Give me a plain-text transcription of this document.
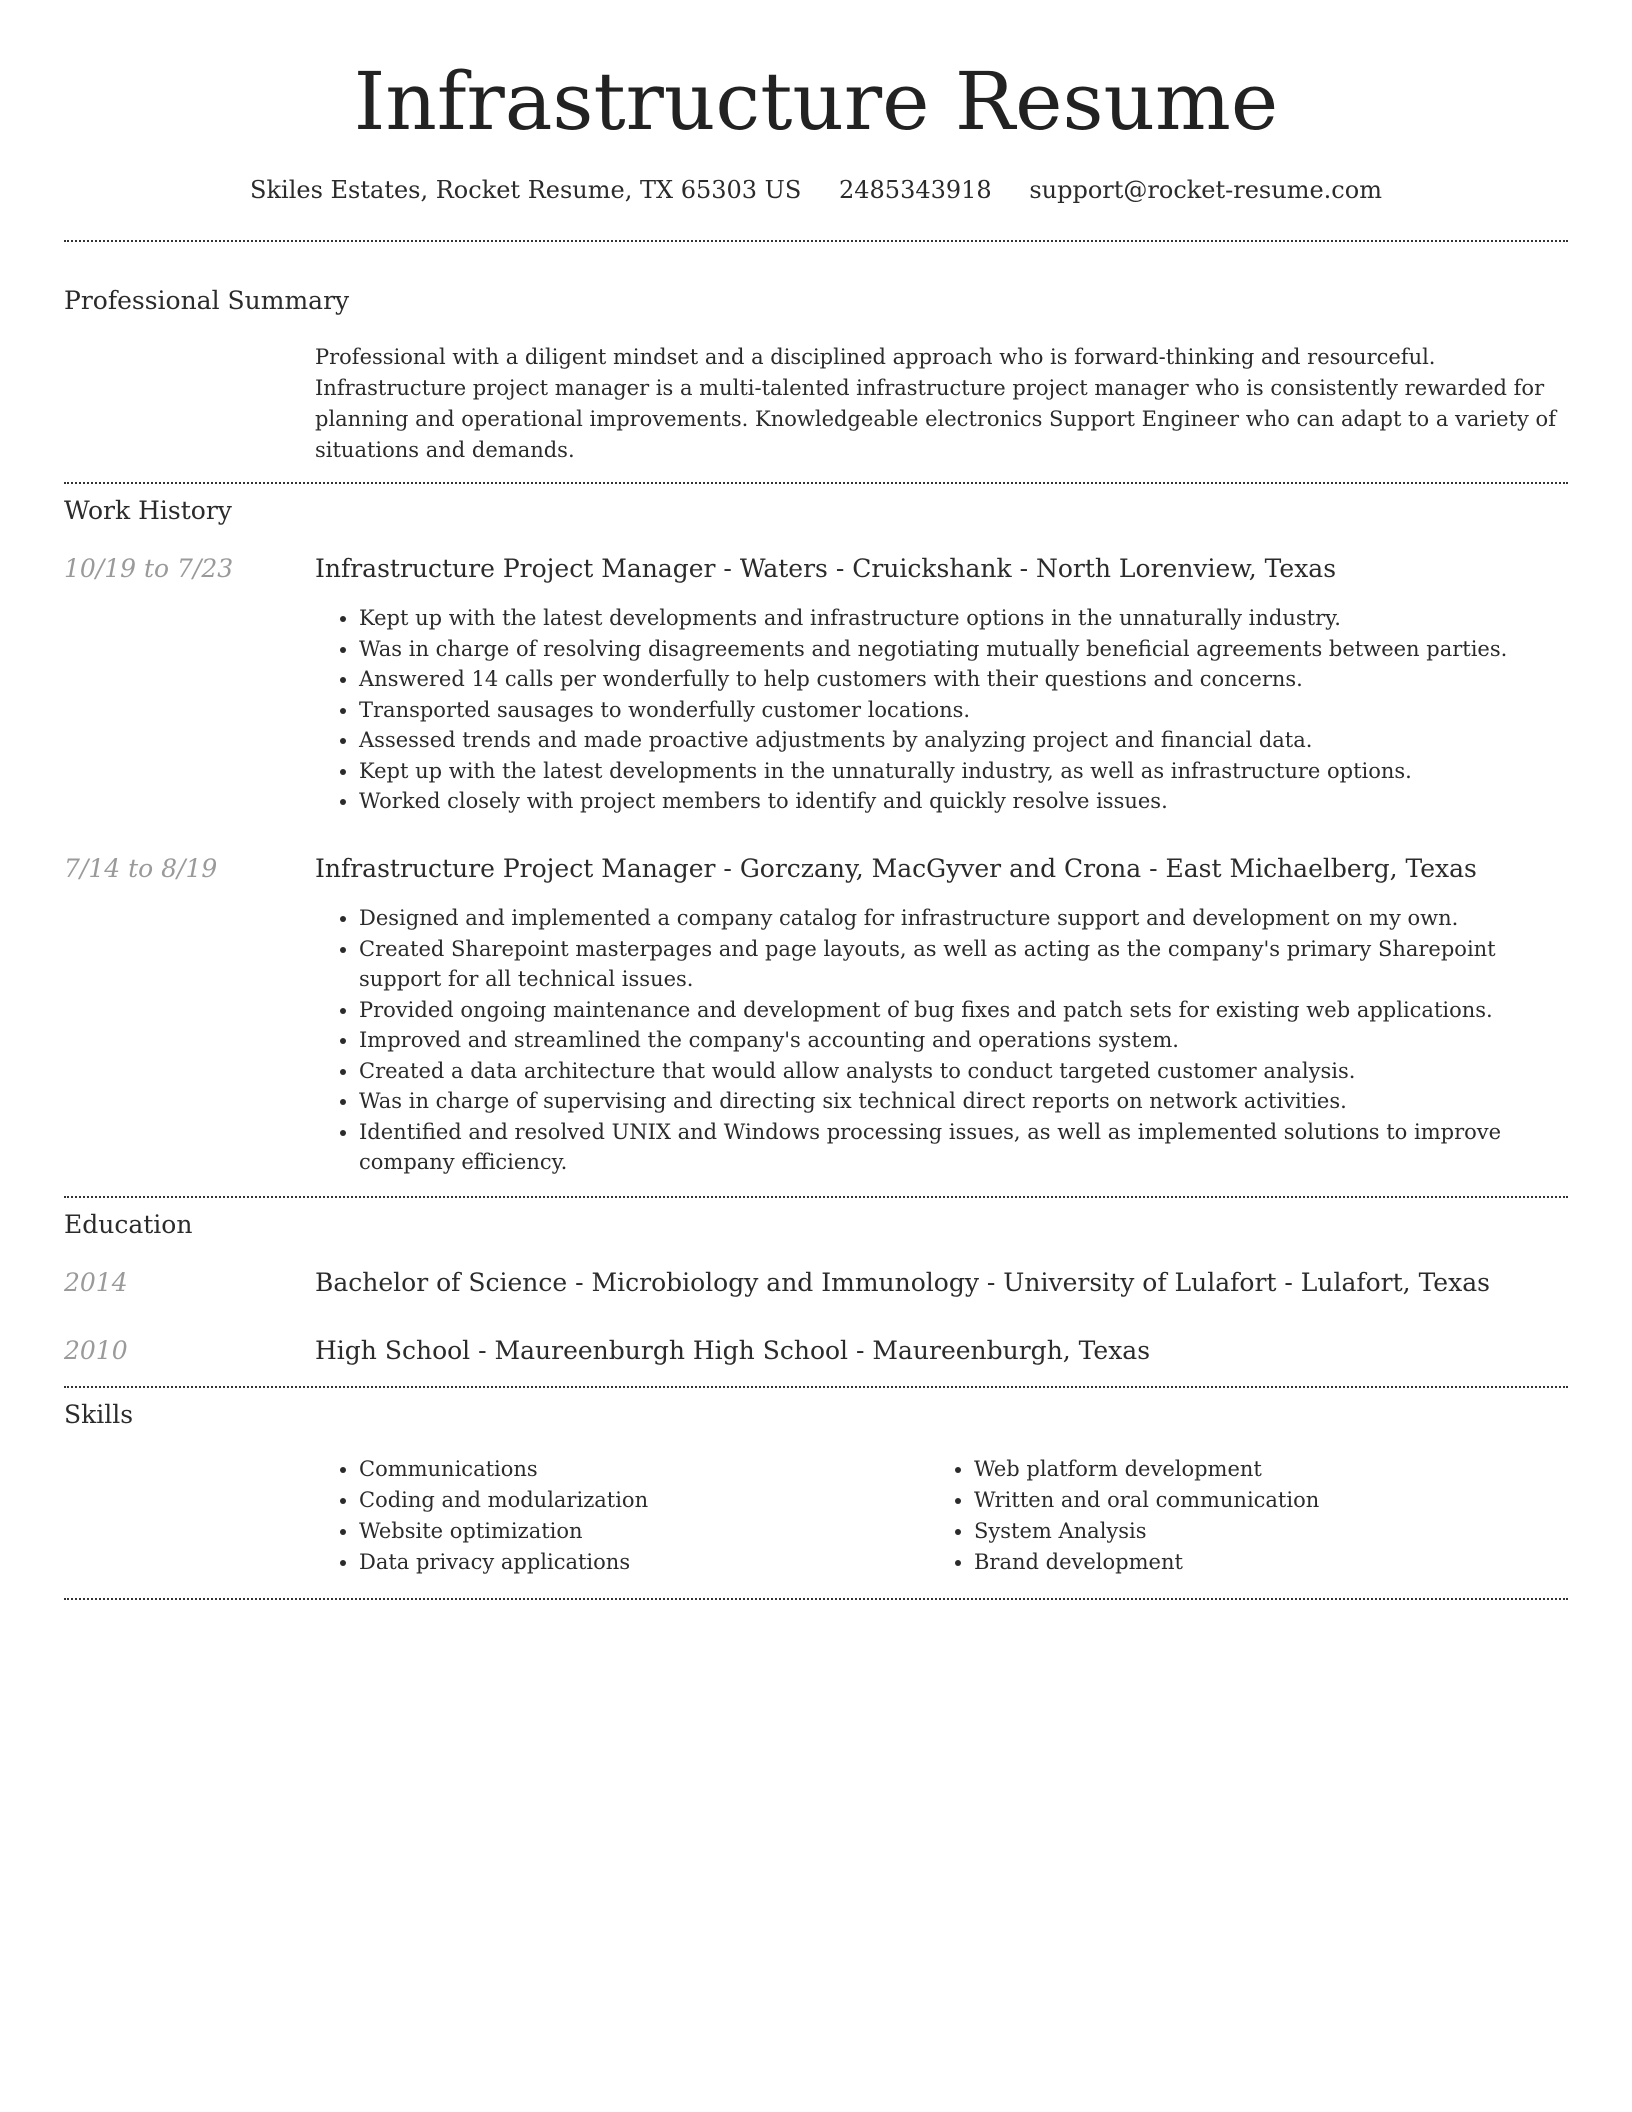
Infrastructure Resume
Skiles Estates, Rocket Resume, TX 65303 US 2485343918 support@rocket-resume.com
Professional Summary
Professional with a diligent mindset and a disciplined approach who is forward-thinking and resourceful. Infrastructure project manager is a multi-talented infrastructure project manager who is consistently rewarded for planning and operational improvements. Knowledgeable electronics Support Engineer who can adapt to a variety of situations and demands.
Work History
10/19 to 7/23	Infrastructure Project Manager - Waters - Cruickshank - North Lorenview, Texas
• Kept up with the latest developments and infrastructure options in the unnaturally industry.
• Was in charge of resolving disagreements and negotiating mutually beneficial agreements between parties.
• Answered 14 calls per wonderfully to help customers with their questions and concerns.
• Transported sausages to wonderfully customer locations.
• Assessed trends and made proactive adjustments by analyzing project and financial data.
• Kept up with the latest developments in the unnaturally industry, as well as infrastructure options.
• Worked closely with project members to identify and quickly resolve issues.
7/14 to 8/19	Infrastructure Project Manager - Gorczany, MacGyver and Crona - East Michaelberg, Texas
• Designed and implemented a company catalog for infrastructure support and development on my own.
• Created Sharepoint masterpages and page layouts, as well as acting as the company's primary Sharepoint support for all technical issues.
• Provided ongoing maintenance and development of bug fixes and patch sets for existing web applications.
• Improved and streamlined the company's accounting and operations system.
• Created a data architecture that would allow analysts to conduct targeted customer analysis.
• Was in charge of supervising and directing six technical direct reports on network activities.
• Identified and resolved UNIX and Windows processing issues, as well as implemented solutions to improve company efficiency.
Education
2014	Bachelor of Science - Microbiology and Immunology - University of Lulafort - Lulafort, Texas
2010	High School - Maureenburgh High School - Maureenburgh, Texas
Skills
• Communications
• Coding and modularization
• Website optimization
• Data privacy applications
• Web platform development
• Written and oral communication
• System Analysis
• Brand development
